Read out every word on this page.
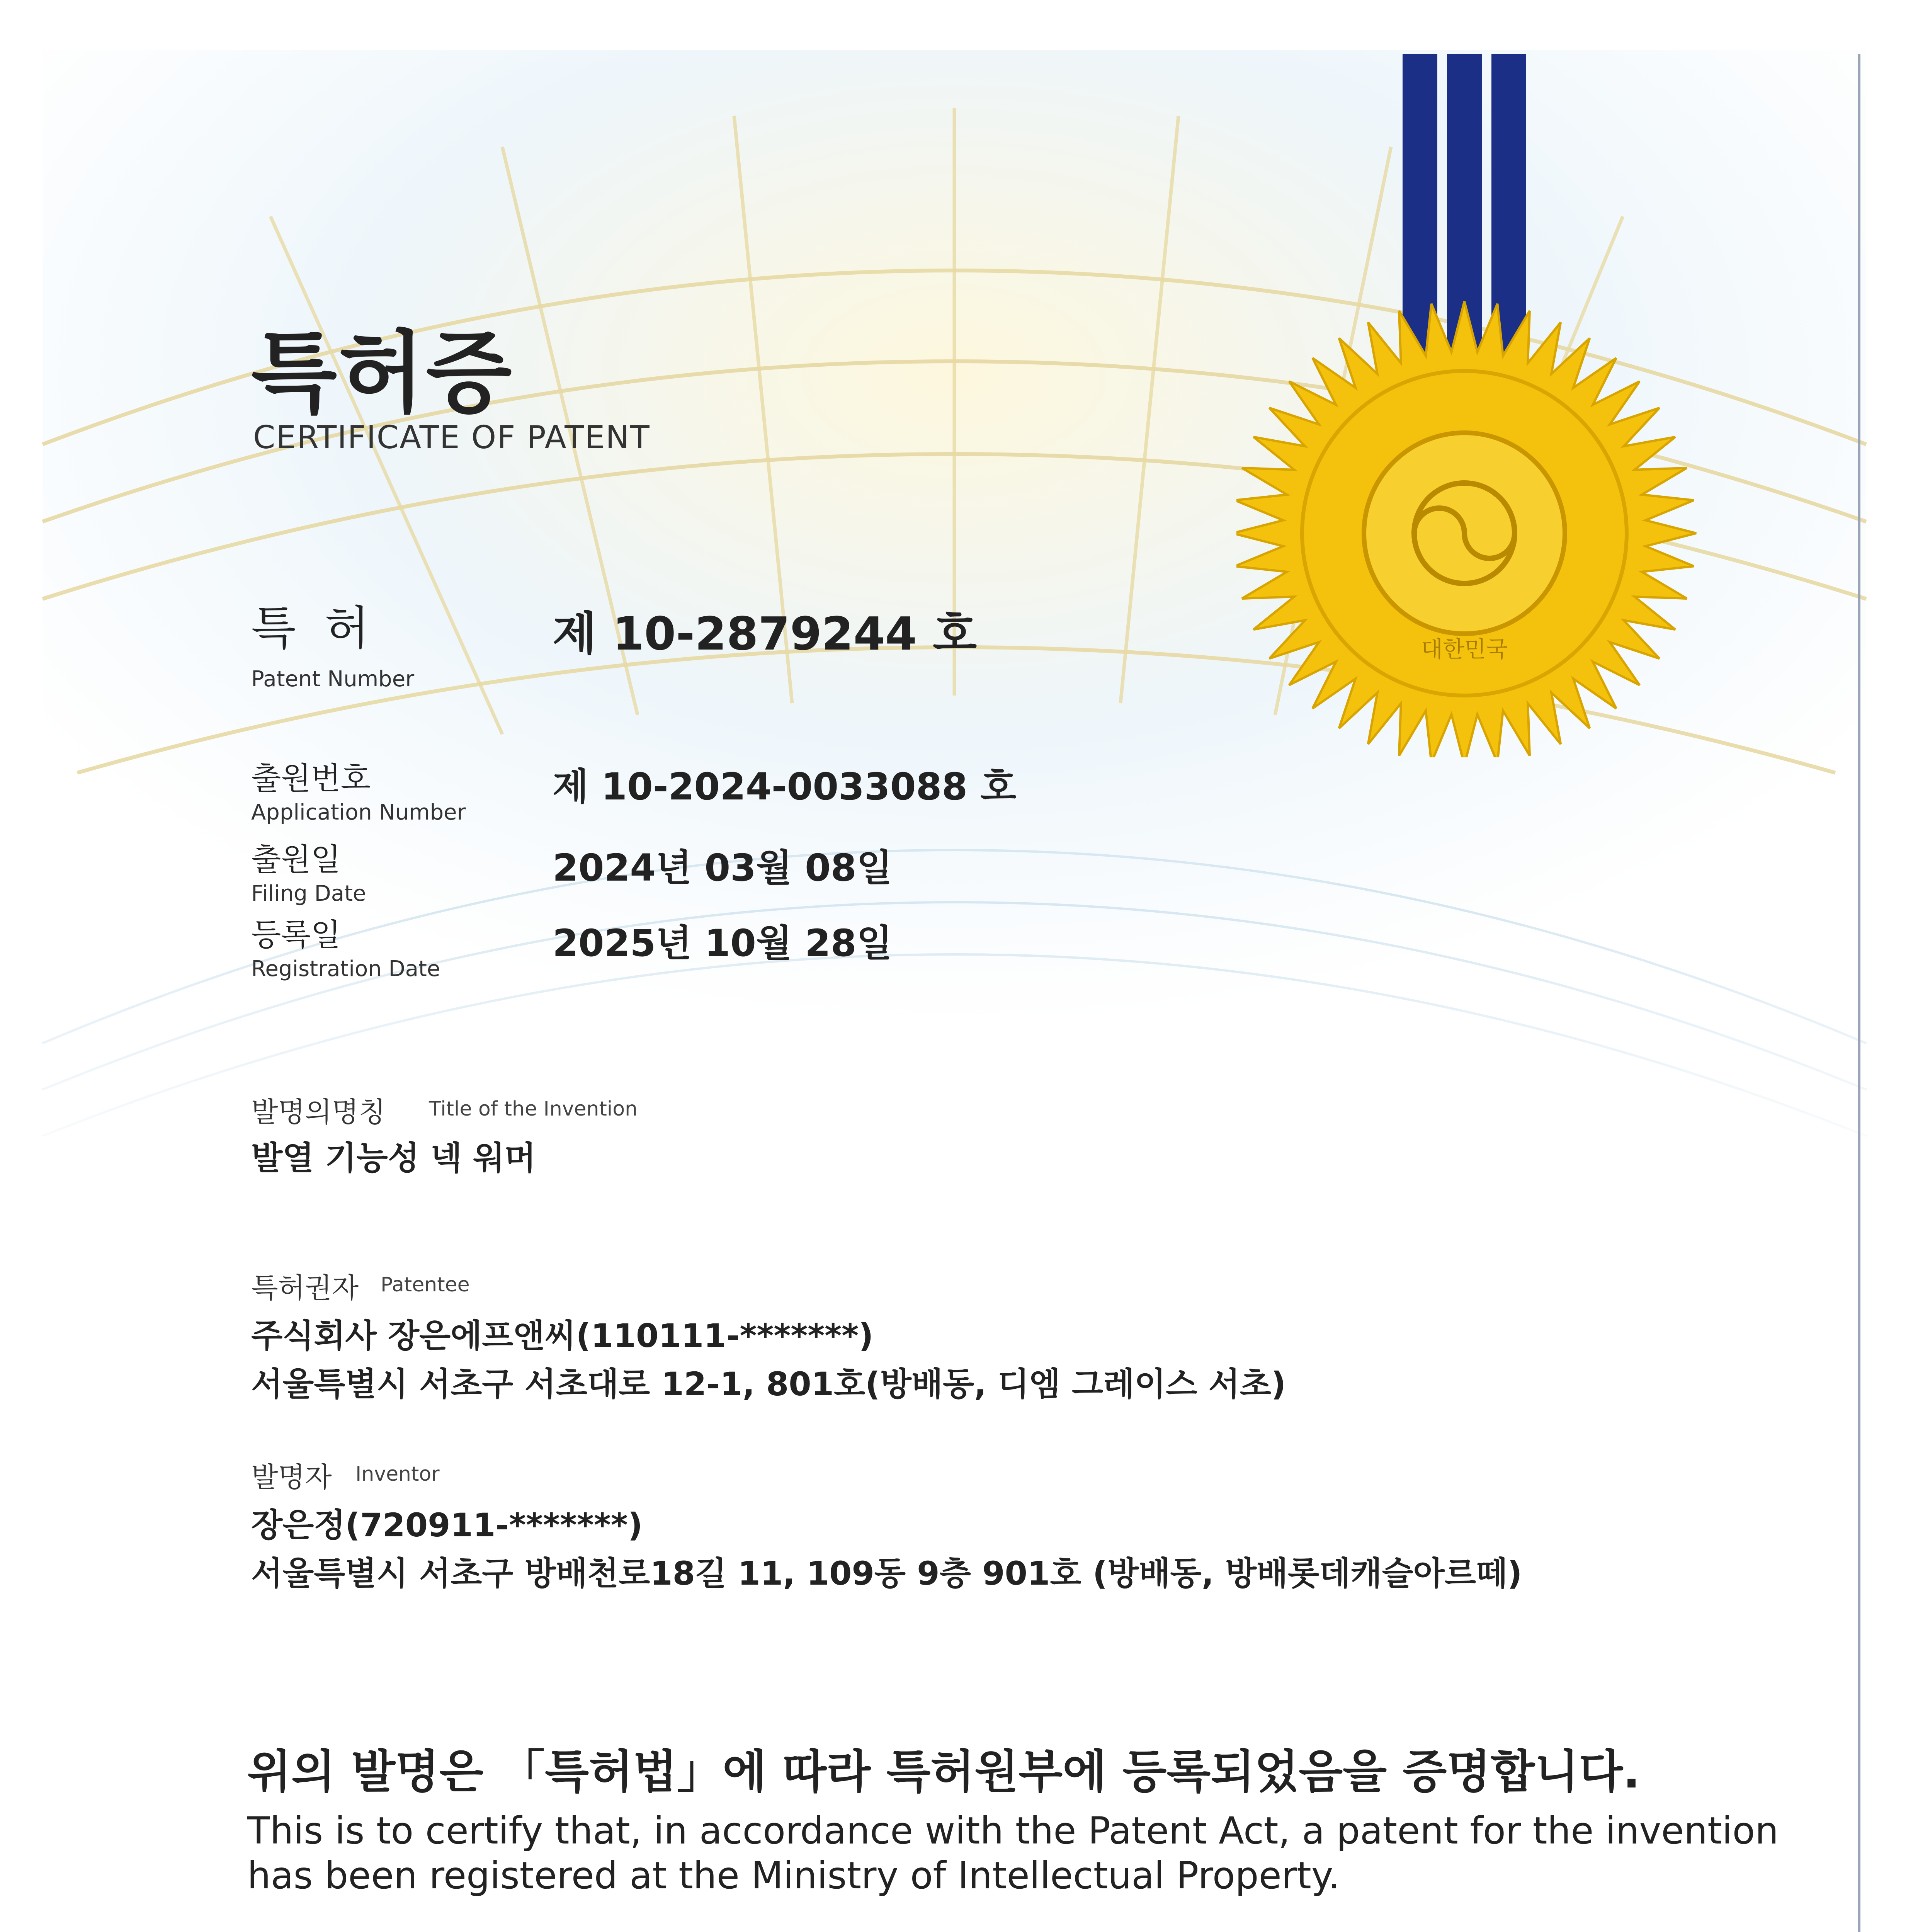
대한민국
특허증
CERTIFICATE OF PATENT
특 허
Patent Number
제 10-2879244 호
출원번호
Application Number
제 10-2024-0033088 호
출원일
Filing Date
2024년 03월 08일
등록일
Registration Date
2025년 10월 28일
발명의명칭 Title of the Invention
발열 기능성 넥 워머
특허권자 Patentee
주식회사 장은에프앤씨(110111-*******)
서울특별시 서초구 서초대로 12-1, 801호(방배동, 디엠 그레이스 서초)
발명자 Inventor
장은정(720911-*******)
서울특별시 서초구 방배천로18길 11, 109동 9층 901호 (방배동, 방배롯데캐슬아르떼)
위의 발명은 「특허법」에 따라 특허원부에 등록되었음을 증명합니다.
This is to certify that, in accordance with the Patent Act, a patent for the invention
has been registered at the Ministry of Intellectual Property.
